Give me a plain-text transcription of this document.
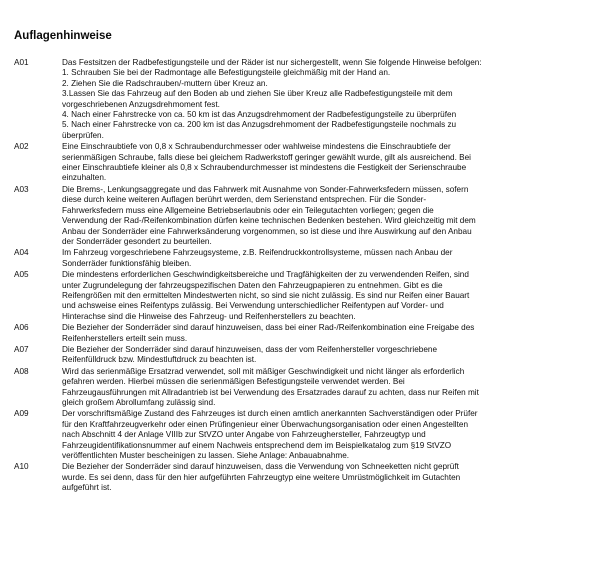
Auflagenhinweise
A01	Das Festsitzen der Radbefestigungsteile und der Räder ist nur sichergestellt, wenn Sie folgende Hinweise befolgen:
1. Schrauben Sie bei der Radmontage alle Befestigungsteile gleichmäßig mit der Hand an.
2. Ziehen Sie die Radschrauben/-muttern über Kreuz an.
3.Lassen Sie das Fahrzeug auf den Boden ab und ziehen Sie über Kreuz alle Radbefestigungsteile mit dem
vorgeschriebenen Anzugsdrehmoment fest.
4. Nach einer Fahrstrecke von ca. 50 km ist das Anzugsdrehmoment der Radbefestigungsteile zu überprüfen
5. Nach einer Fahrstrecke von ca. 200 km ist das Anzugsdrehmoment der Radbefestigungsteile nochmals zu
überprüfen.
A02	Eine Einschraubtiefe von 0,8 x Schraubendurchmesser oder wahlweise mindestens die Einschraubtiefe der
serienmäßigen Schraube, falls diese bei gleichem Radwerkstoff geringer gewählt wurde, gilt als ausreichend. Bei
einer Einschraubtiefe kleiner als 0,8 x Schraubendurchmesser ist mindestens die Festigkeit der Serienschraube
einzuhalten.
A03	Die Brems-, Lenkungsaggregate und das Fahrwerk mit Ausnahme von Sonder-Fahrwerksfedern müssen, sofern
diese durch keine weiteren Auflagen berührt werden, dem Serienstand entsprechen. Für die Sonder-
Fahrwerksfedern muss eine Allgemeine Betriebserlaubnis oder ein Teilegutachten vorliegen; gegen die
Verwendung der Rad-/Reifenkombination dürfen keine technischen Bedenken bestehen. Wird gleichzeitig mit dem
Anbau der Sonderräder eine Fahrwerksänderung vorgenommen, so ist diese und ihre Auswirkung auf den Anbau
der Sonderräder gesondert zu beurteilen.
A04	Im Fahrzeug vorgeschriebene Fahrzeugsysteme, z.B. Reifendruckkontrollsysteme, müssen nach Anbau der
Sonderräder funktionsfähig bleiben.
A05	Die mindestens erforderlichen Geschwindigkeitsbereiche und Tragfähigkeiten der zu verwendenden Reifen, sind
unter Zugrundelegung der fahrzeugspezifischen Daten den Fahrzeugpapieren zu entnehmen. Gibt es die
Reifengrößen mit den ermittelten Mindestwerten nicht, so sind sie nicht zulässig. Es sind nur Reifen einer Bauart
und achsweise eines Reifentyps zulässig. Bei Verwendung unterschiedlicher Reifentypen auf Vorder- und
Hinterachse sind die Hinweise des Fahrzeug- und Reifenherstellers zu beachten.
A06	Die Bezieher der Sonderräder sind darauf hinzuweisen, dass bei einer Rad-/Reifenkombination eine Freigabe des
Reifenherstellers erteilt sein muss.
A07	Die Bezieher der Sonderräder sind darauf hinzuweisen, dass der vom Reifenhersteller vorgeschriebene
Reifenfülldruck bzw. Mindestluftdruck zu beachten ist.
A08	Wird das serienmäßige Ersatzrad verwendet, soll mit mäßiger Geschwindigkeit und nicht länger als erforderlich
gefahren werden. Hierbei müssen die serienmäßigen Befestigungsteile verwendet werden. Bei
Fahrzeugausführungen mit Allradantrieb ist bei Verwendung des Ersatzrades darauf zu achten, dass nur Reifen mit
gleich großem Abrollumfang zulässig sind.
A09	Der vorschriftsmäßige Zustand des Fahrzeuges ist durch einen amtlich anerkannten Sachverständigen oder Prüfer
für den Kraftfahrzeugverkehr oder einen Prüfingenieur einer Überwachungsorganisation oder einen Angestellten
nach Abschnitt 4 der Anlage VIIIb zur StVZO unter Angabe von Fahrzeughersteller, Fahrzeugtyp und
Fahrzeugidentifikationsnummer auf einem Nachweis entsprechend dem im Beispielkatalog zum §19 StVZO
veröffentlichten Muster bescheinigen zu lassen. Siehe Anlage: Anbauabnahme.
A10	Die Bezieher der Sonderräder sind darauf hinzuweisen, dass die Verwendung von Schneeketten nicht geprüft
wurde. Es sei denn, dass für den hier aufgeführten Fahrzeugtyp eine weitere Umrüstmöglichkeit im Gutachten
aufgeführt ist.
